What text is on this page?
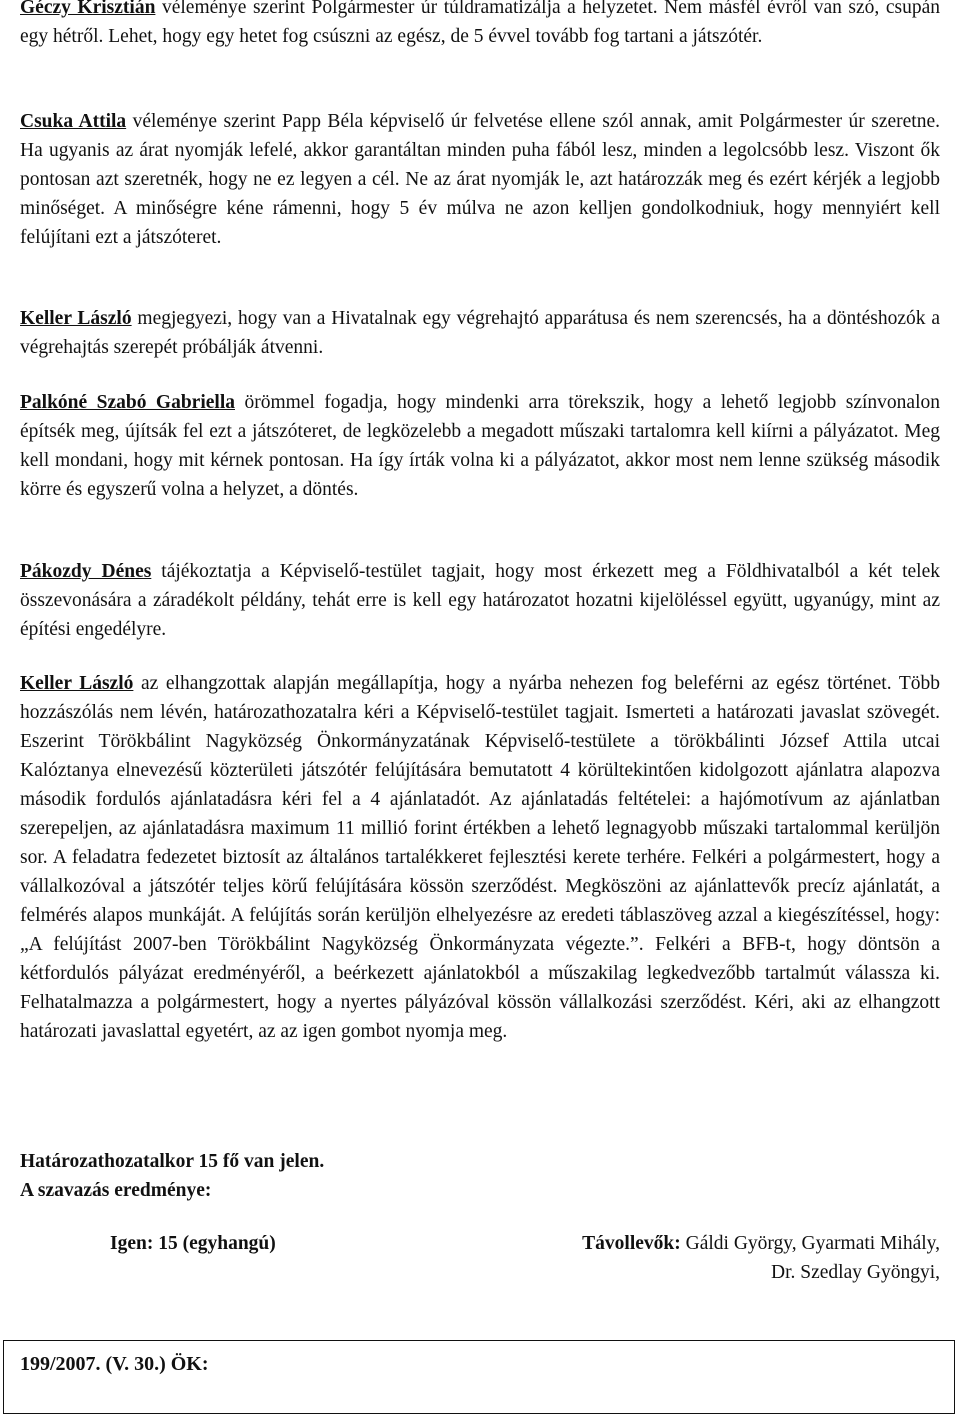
Géczy Krisztián véleménye szerint Polgármester úr túldramatizálja a helyzetet. Nem másfél évről van szó, csupán egy hétről. Lehet, hogy egy hetet fog csúszni az egész, de 5 évvel tovább fog tartani a játszótér.

Csuka Attila véleménye szerint Papp Béla képviselő úr felvetése ellene szól annak, amit Polgármester úr szeretne. Ha ugyanis az árat nyomják lefelé, akkor garantáltan minden puha fából lesz, minden a legolcsóbb lesz. Viszont ők pontosan azt szeretnék, hogy ne ez legyen a cél. Ne az árat nyomják le, azt határozzák meg és ezért kérjék a legjobb minőséget. A minőségre kéne rámenni, hogy 5 év múlva ne azon kelljen gondolkodniuk, hogy mennyiért kell felújítani ezt a játszóteret.

Keller László megjegyezi, hogy van a Hivatalnak egy végrehajtó apparátusa és nem szerencsés, ha a döntéshozók a végrehajtás szerepét próbálják átvenni.

Palkóné Szabó Gabriella örömmel fogadja, hogy mindenki arra törekszik, hogy a lehető legjobb színvonalon építsék meg, újítsák fel ezt a játszóteret, de legközelebb a megadott műszaki tartalomra kell kiírni a pályázatot. Meg kell mondani, hogy mit kérnek pontosan. Ha így írták volna ki a pályázatot, akkor most nem lenne szükség második körre és egyszerű volna a helyzet, a döntés.

Pákozdy Dénes tájékoztatja a Képviselő-testület tagjait, hogy most érkezett meg a Földhivatalból a két telek összevonására a záradékolt példány, tehát erre is kell egy határozatot hozatni kijelöléssel együtt, ugyanúgy, mint az építési engedélyre.

Keller László az elhangzottak alapján megállapítja, hogy a nyárba nehezen fog beleférni az egész történet. Több hozzászólás nem lévén, határozathozatalra kéri a Képviselő-testület tagjait. Ismerteti a határozati javaslat szövegét. Eszerint Törökbálint Nagyközség Önkormányzatának Képviselő-testülete a törökbálinti József Attila utcai Kalóztanya elnevezésű közterületi játszótér felújítására bemutatott 4 körültekintően kidolgozott ajánlatra alapozva második fordulós ajánlatadásra kéri fel a 4 ajánlatadót. Az ajánlatadás feltételei: a hajómotívum az ajánlatban szerepeljen, az ajánlatadásra maximum 11 millió forint értékben a lehető legnagyobb műszaki tartalommal kerüljön sor. A feladatra fedezetet biztosít az általános tartalékkeret fejlesztési kerete terhére. Felkéri a polgármestert, hogy a vállalkozóval a játszótér teljes körű felújítására kössön szerződést. Megköszöni az ajánlattevők precíz ajánlatát, a felmérés alapos munkáját. A felújítás során kerüljön elhelyezésre az eredeti táblaszöveg azzal a kiegészítéssel, hogy: „A felújítást 2007-ben Törökbálint Nagyközség Önkormányzata végezte.”. Felkéri a BFB-t, hogy döntsön a kétfordulós pályázat eredményéről, a beérkezett ajánlatokból a műszakilag legkedvezőbb tartalmút válassza ki. Felhatalmazza a polgármestert, hogy a nyertes pályázóval kössön vállalkozási szerződést. Kéri, aki az elhangzott határozati javaslattal egyetért, az az igen gombot nyomja meg.

Határozathozatalkor 15 fő van jelen.
A szavazás eredménye:
Igen: 15 (egyhangú)	Távollevők: Gáldi György, Gyarmati Mihály,
Dr. Szedlay Gyöngyi,
199/2007. (V. 30.) ÖK:
